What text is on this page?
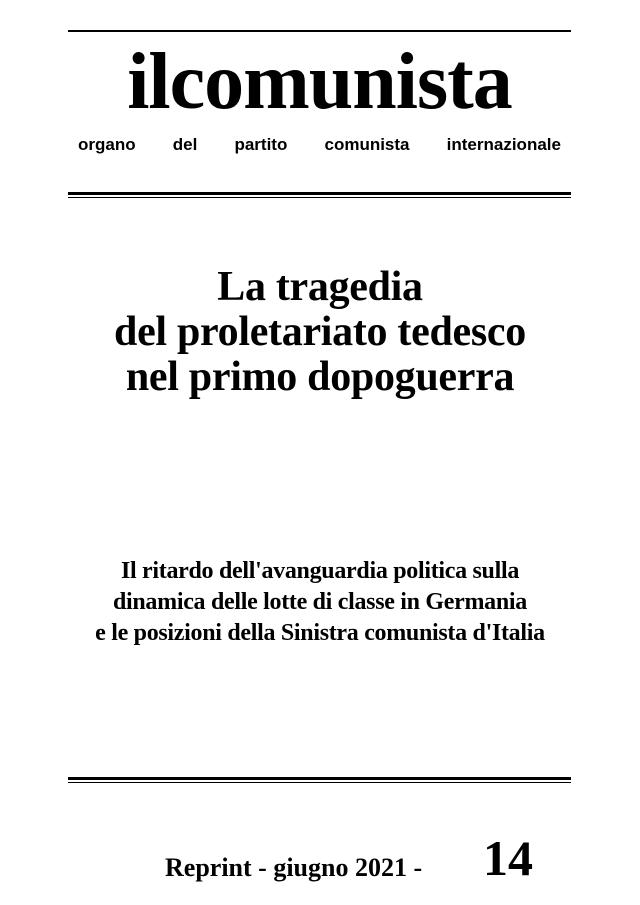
ilcomunista
organo del partito comunista internazionale
La tragedia
del proletariato tedesco
nel primo dopoguerra
Il ritardo dell'avanguardia politica sulla
dinamica delle lotte di classe in Germania
e le posizioni della Sinistra comunista d'Italia
Reprint - giugno 2021 - 14
